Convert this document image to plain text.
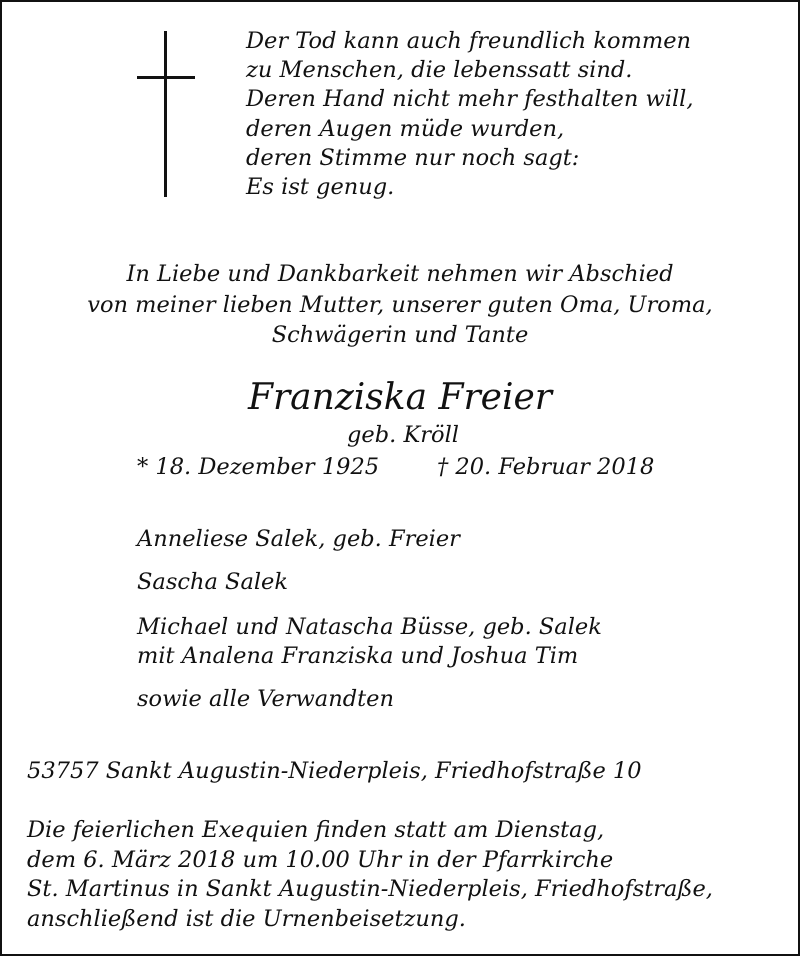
Der Tod kann auch freundlich kommen
zu Menschen, die lebenssatt sind.
Deren Hand nicht mehr festhalten will,
deren Augen müde wurden,
deren Stimme nur noch sagt:
Es ist genug.
In Liebe und Dankbarkeit nehmen wir Abschied
von meiner lieben Mutter, unserer guten Oma, Uroma,
Schwägerin und Tante
Franziska Freier
geb. Kröll
* 18. Dezember 1925	† 20. Februar 2018
Anneliese Salek, geb. Freier
Sascha Salek
Michael und Natascha Büsse, geb. Salek
mit Analena Franziska und Joshua Tim
sowie alle Verwandten
53757 Sankt Augustin-Niederpleis, Friedhofstraße 10
Die feierlichen Exequien finden statt am Dienstag,
dem 6. März 2018 um 10.00 Uhr in der Pfarrkirche
St. Martinus in Sankt Augustin-Niederpleis, Friedhofstraße,
anschließend ist die Urnenbeisetzung.
